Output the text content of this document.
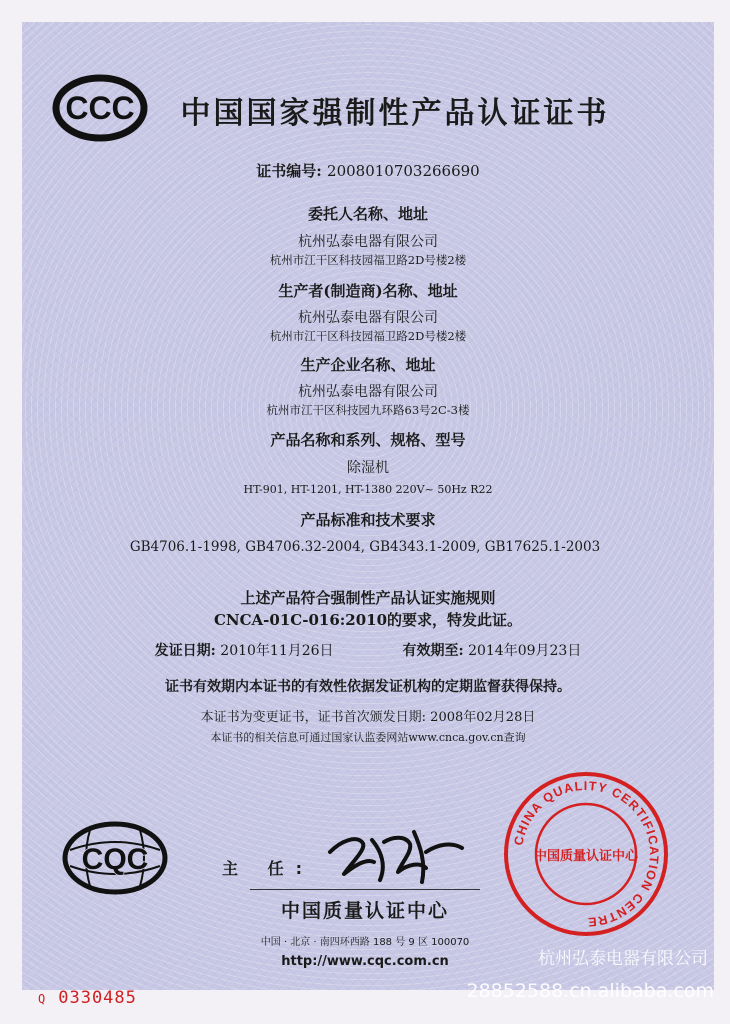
CCC	中国国家强制性产品认证证书
证书编号: 2008010703266690
委托人名称、地址
杭州弘泰电器有限公司
杭州市江干区科技园福卫路2D号楼2楼
生产者(制造商)名称、地址
杭州弘泰电器有限公司
杭州市江干区科技园福卫路2D号楼2楼
生产企业名称、地址
杭州弘泰电器有限公司
杭州市江干区科技园九环路63号2C-3楼
产品名称和系列、规格、型号
除湿机
HT-901, HT-1201, HT-1380 220V~ 50Hz R22
产品标准和技术要求
GB4706.1-1998, GB4706.32-2004, GB4343.1-2009, GB17625.1-2003
上述产品符合强制性产品认证实施规则
CNCA-01C-016:2010的要求，特发此证。
发证日期: 2010年11月26日	有效期至: 2014年09月23日
证书有效期内本证书的有效性依据发证机构的定期监督获得保持。
本证书为变更证书，证书首次颁发日期: 2008年02月28日
本证书的相关信息可通过国家认监委网站www.cnca.gov.cn查询
CQC	主 任:
中国质量认证中心
中国 · 北京 · 南四环西路 188 号 9 区 100070
http://www.cqc.com.cn
CHINA QUALITY CERTIFICATION CENTRE
中国质量认证中心
Q 0330485
杭州弘泰电器有限公司
28852588.cn.alibaba.com
